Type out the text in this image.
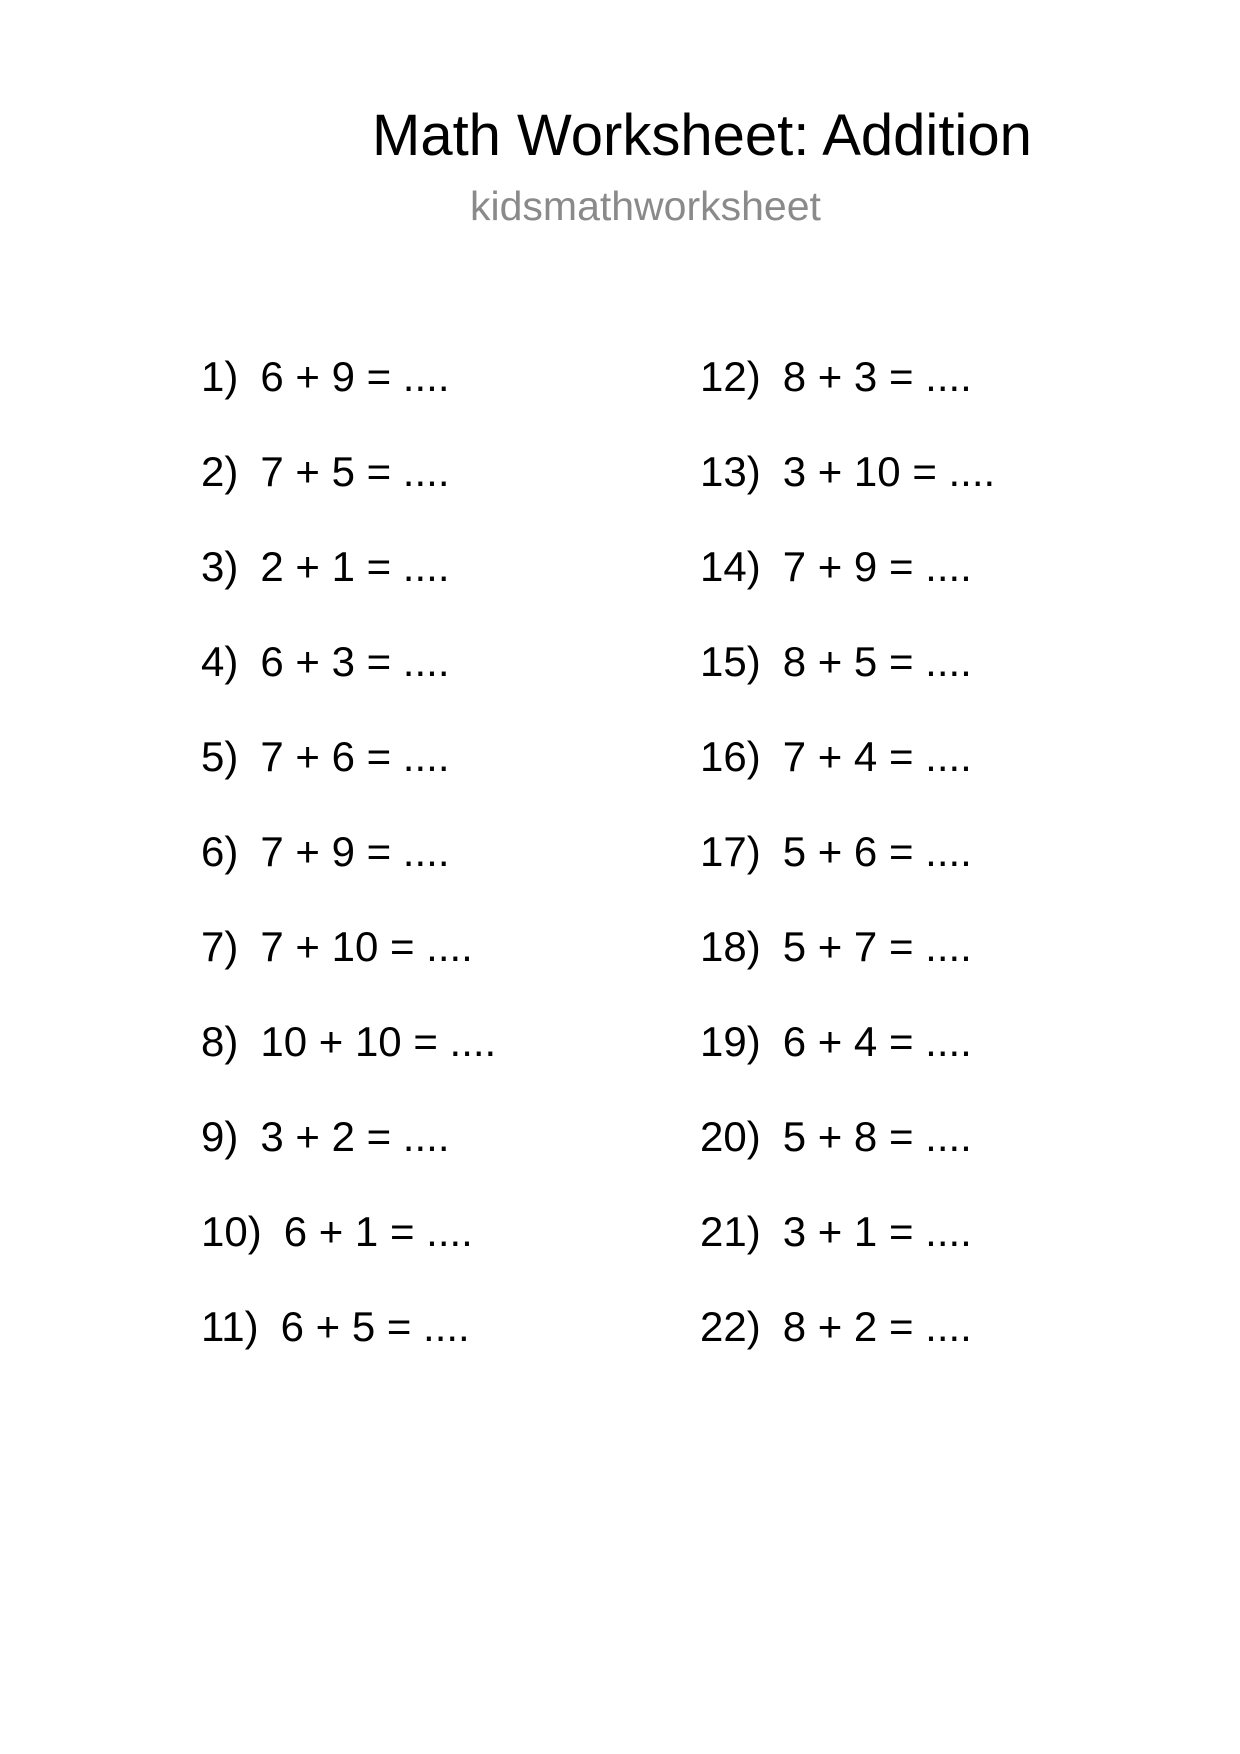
Math Worksheet: Addition
kidsmathworksheet
1) 6 + 9 = ....
2) 7 + 5 = ....
3) 2 + 1 = ....
4) 6 + 3 = ....
5) 7 + 6 = ....
6) 7 + 9 = ....
7) 7 + 10 = ....
8) 10 + 10 = ....
9) 3 + 2 = ....
10) 6 + 1 = ....
11) 6 + 5 = ....
12) 8 + 3 = ....
13) 3 + 10 = ....
14) 7 + 9 = ....
15) 8 + 5 = ....
16) 7 + 4 = ....
17) 5 + 6 = ....
18) 5 + 7 = ....
19) 6 + 4 = ....
20) 5 + 8 = ....
21) 3 + 1 = ....
22) 8 + 2 = ....
